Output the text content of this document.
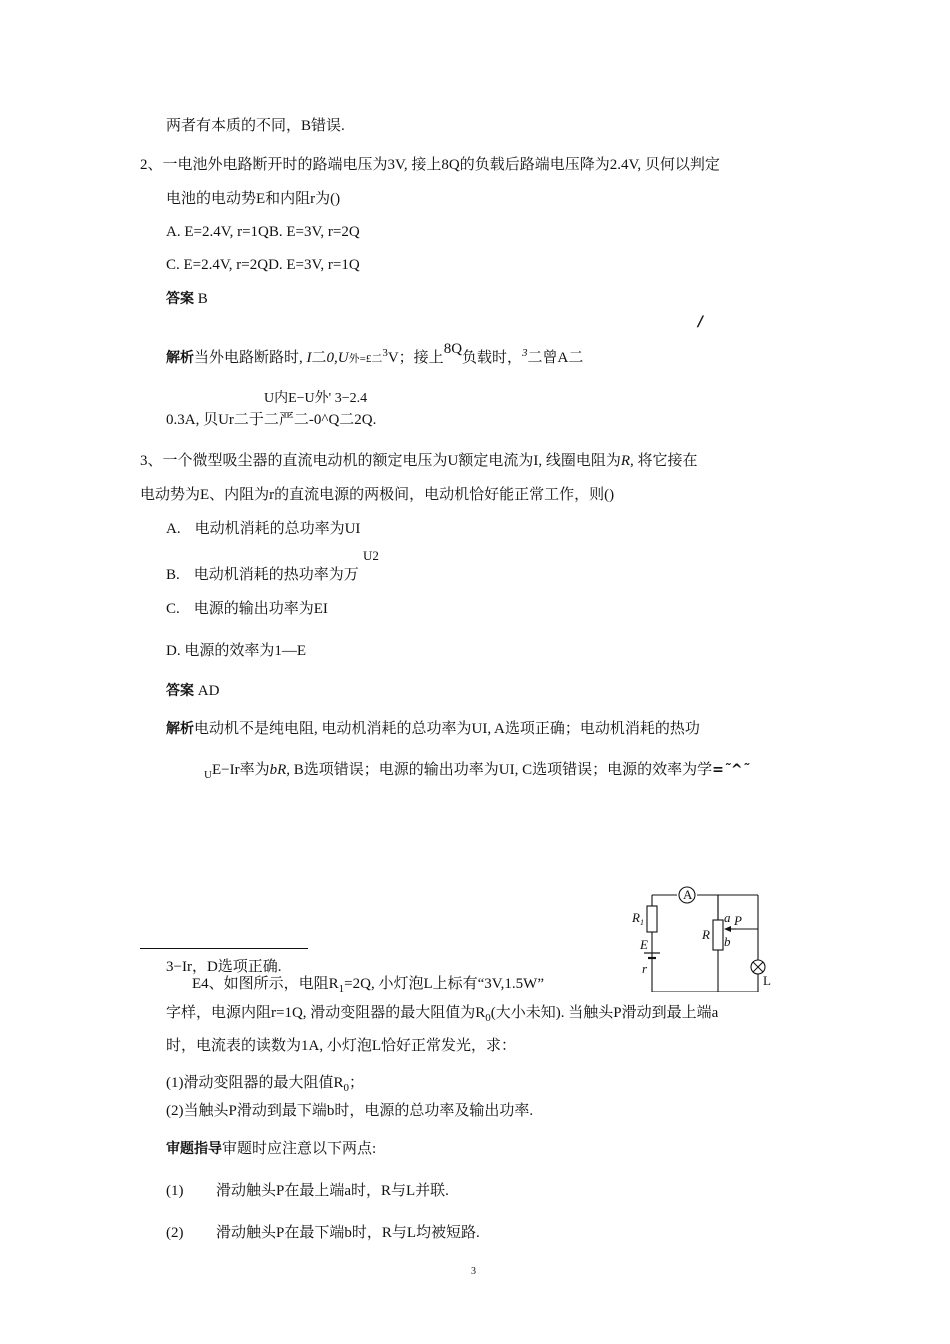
两者有本质的不同，B错误.
2、一电池外电路断开时的路端电压为3V, 接上8Q的负载后路端电压降为2.4V, 贝何以判定
电池的电动势E和内阻r为()
A. E=2.4V, r=1QB. E=3V, r=2Q
C. E=2.4V, r=2QD. E=3V, r=1Q
答案 B
/
解析当外电路断路时, I二0,U外=£二$^3$V；接上8Q负载时，$^3$二曾A二
U内E−U外' 3−2.4
0.3A, 贝Ur二于二严二-0^Q二2Q.
3、一个微型吸尘器的直流电动机的额定电压为U额定电流为I, 线圈电阻为R, 将它接在
电动势为E、内阻为r的直流电源的两极间，电动机恰好能正常工作，则()
A. 电动机消耗的总功率为UI
U2
B. 电动机消耗的热功率为万
C. 电源的输出功率为EI
D. 电源的效率为1—E
答案 AD
解析电动机不是纯电阻, 电动机消耗的总功率为UI, A选项正确；电动机消耗的热功
$_U$E−Ir率为bR, B选项错误；电源的输出功率为UI, C选项错误；电源的效率为学=˜^˜
3−Ir，D选项正确.
A
$R_1$
E
r
R
a
b
P
L
E4、如图所示，电阻$R_1=2Q$, 小灯泡L上标有“3V,1.5W”
字样，电源内阻r=1Q, 滑动变阻器的最大阻值为$R_0$(大小未知). 当触头P滑动到最上端a
时，电流表的读数为1A, 小灯泡L恰好正常发光，求：
(1)滑动变阻器的最大阻值$R_0$；
(2)当触头P滑动到最下端b时，电源的总功率及输出功率.
审题指导审题时应注意以下两点:
(1) 滑动触头P在最上端a时，R与L并联.
(2) 滑动触头P在最下端b时，R与L均被短路.
3
